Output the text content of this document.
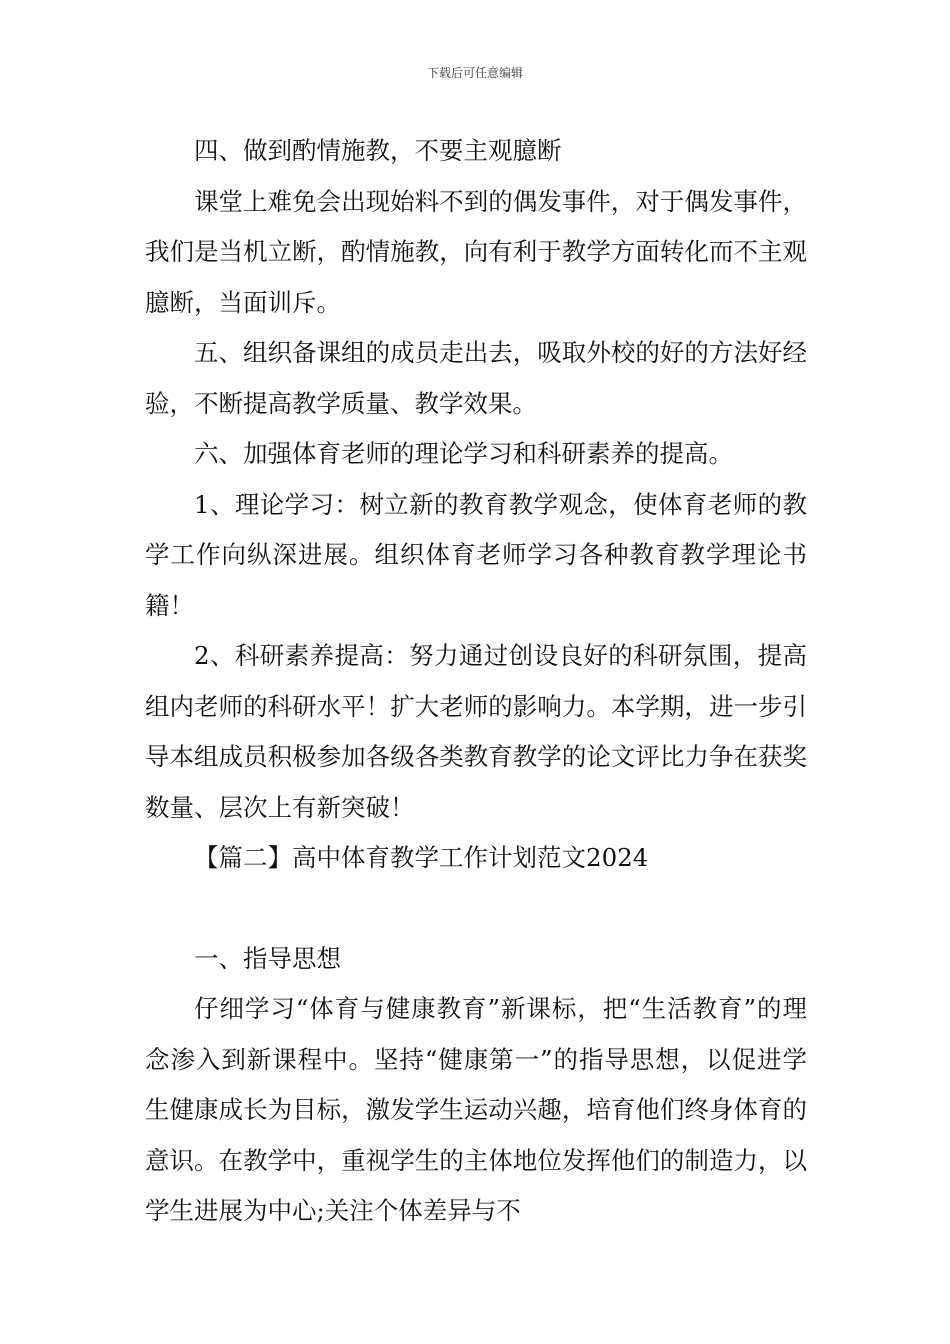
下载后可任意编辑

四、做到酌情施教，不要主观臆断

课堂上难免会出现始料不到的偶发事件，对于偶发事件，我们是当机立断，酌情施教，向有利于教学方面转化而不主观臆断，当面训斥。

五、组织备课组的成员走出去，吸取外校的好的方法好经验，不断提高教学质量、教学效果。

六、加强体育老师的理论学习和科研素养的提高。

1、理论学习：树立新的教育教学观念，使体育老师的教学工作向纵深进展。组织体育老师学习各种教育教学理论书籍！

2、科研素养提高：努力通过创设良好的科研氛围，提高组内老师的科研水平！扩大老师的影响力。本学期，进一步引导本组成员积极参加各级各类教育教学的论文评比力争在获奖数量、层次上有新突破！

【篇二】高中体育教学工作计划范文2024

一、指导思想

仔细学习“体育与健康教育”新课标，把“生活教育”的理念渗入到新课程中。坚持“健康第一”的指导思想，以促进学生健康成长为目标，激发学生运动兴趣，培育他们终身体育的意识。在教学中，重视学生的主体地位发挥他们的制造力，以学生进展为中心;关注个体差异与不
